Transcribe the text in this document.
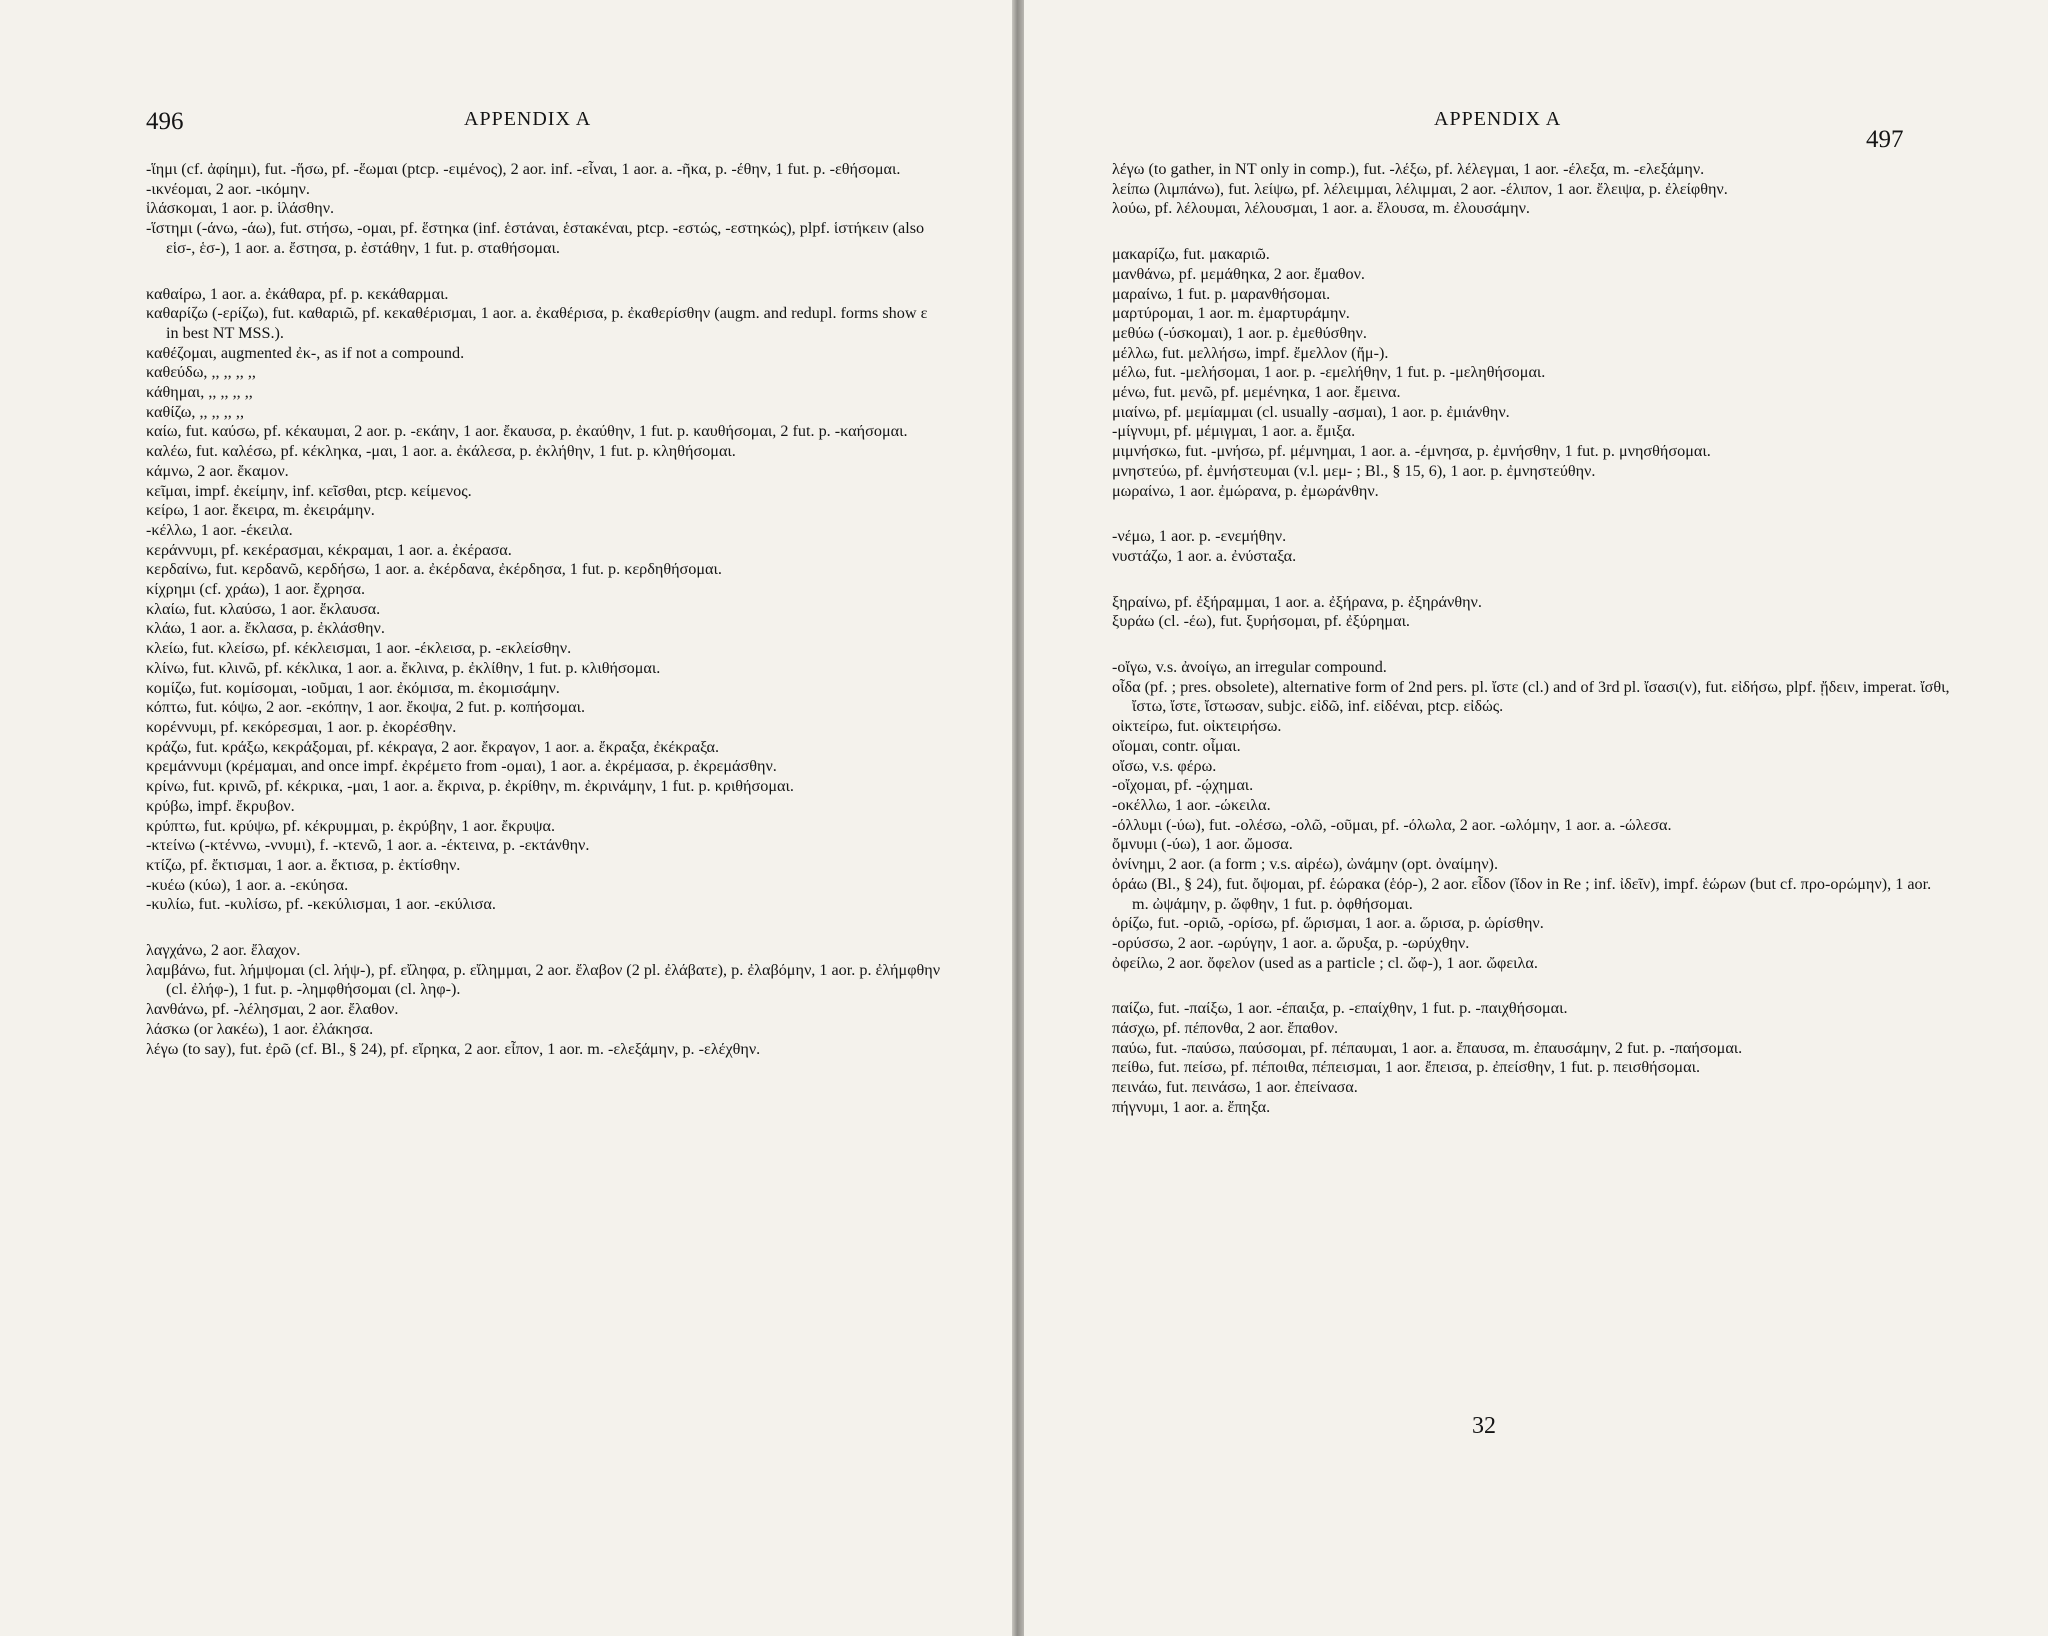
496	APPENDIX A
-ἵημι (cf. ἀφίημι), fut. -ἥσω, pf. -ἕωμαι (ptcp. -ειμένος), 2 aor. inf. -εἶναι, 1 aor. a. -ῆκα, p. -έθην, 1 fut. p. -εθήσομαι.
-ικνέομαι, 2 aor. -ικόμην.
ἱλάσκομαι, 1 aor. p. ἱλάσθην.
-ἵστημι (-άνω, -άω), fut. στήσω, -ομαι, pf. ἕστηκα (inf. ἑστάναι, ἑστακέναι, ptcp. -εστώς, -εστηκώς), plpf. ἱστήκειν (also εἱσ-, ἑσ-), 1 aor. a. ἔστησα, p. ἐστάθην, 1 fut. p. σταθήσομαι.
καθαίρω, 1 aor. a. ἐκάθαρα, pf. p. κεκάθαρμαι.
καθαρίζω (-ερίζω), fut. καθαριῶ, pf. κεκαθέρισμαι, 1 aor. a. ἐκαθέρισα, p. ἐκαθερίσθην (augm. and redupl. forms show ε in best NT MSS.).
καθέζομαι, augmented ἐκ-, as if not a compound.
καθεύδω, ,, ,, ,, ,,
κάθημαι, ,, ,, ,, ,,
καθίζω, ,, ,, ,, ,,
καίω, fut. καύσω, pf. κέκαυμαι, 2 aor. p. -εκάην, 1 aor. ἔκαυσα, p. ἐκαύθην, 1 fut. p. καυθήσομαι, 2 fut. p. -καήσομαι.
καλέω, fut. καλέσω, pf. κέκληκα, -μαι, 1 aor. a. ἐκάλεσα, p. ἐκλήθην, 1 fut. p. κληθήσομαι.
κάμνω, 2 aor. ἔκαμον.
κεῖμαι, impf. ἐκείμην, inf. κεῖσθαι, ptcp. κείμενος.
κείρω, 1 aor. ἔκειρα, m. ἐκειράμην.
-κέλλω, 1 aor. -έκειλα.
κεράννυμι, pf. κεκέρασμαι, κέκραμαι, 1 aor. a. ἐκέρασα.
κερδαίνω, fut. κερδανῶ, κερδήσω, 1 aor. a. ἐκέρδανα, ἐκέρδησα, 1 fut. p. κερδηθήσομαι.
κίχρημι (cf. χράω), 1 aor. ἔχρησα.
κλαίω, fut. κλαύσω, 1 aor. ἔκλαυσα.
κλάω, 1 aor. a. ἔκλασα, p. ἐκλάσθην.
κλείω, fut. κλείσω, pf. κέκλεισμαι, 1 aor. -έκλεισα, p. -εκλείσθην.
κλίνω, fut. κλινῶ, pf. κέκλικα, 1 aor. a. ἔκλινα, p. ἐκλίθην, 1 fut. p. κλιθήσομαι.
κομίζω, fut. κομίσομαι, -ιοῦμαι, 1 aor. ἐκόμισα, m. ἐκομισάμην.
κόπτω, fut. κόψω, 2 aor. -εκόπην, 1 aor. ἔκοψα, 2 fut. p. κοπήσομαι.
κορέννυμι, pf. κεκόρεσμαι, 1 aor. p. ἐκορέσθην.
κράζω, fut. κράξω, κεκράξομαι, pf. κέκραγα, 2 aor. ἔκραγον, 1 aor. a. ἔκραξα, ἐκέκραξα.
κρεμάννυμι (κρέμαμαι, and once impf. ἐκρέμετο from -ομαι), 1 aor. a. ἐκρέμασα, p. ἐκρεμάσθην.
κρίνω, fut. κρινῶ, pf. κέκρικα, -μαι, 1 aor. a. ἔκρινα, p. ἐκρίθην, m. ἐκρινάμην, 1 fut. p. κριθήσομαι.
κρύβω, impf. ἔκρυβον.
κρύπτω, fut. κρύψω, pf. κέκρυμμαι, p. ἐκρύβην, 1 aor. ἔκρυψα.
-κτείνω (-κτέννω, -ννυμι), f. -κτενῶ, 1 aor. a. -έκτεινα, p. -εκτάνθην.
κτίζω, pf. ἔκτισμαι, 1 aor. a. ἔκτισα, p. ἐκτίσθην.
-κυέω (κύω), 1 aor. a. -εκύησα.
-κυλίω, fut. -κυλίσω, pf. -κεκύλισμαι, 1 aor. -εκύλισα.
λαγχάνω, 2 aor. ἔλαχον.
λαμβάνω, fut. λήμψομαι (cl. λήψ-), pf. εἴληφα, p. εἴλημμαι, 2 aor. ἔλαβον (2 pl. ἐλάβατε), p. ἐλαβόμην, 1 aor. p. ἐλήμφθην (cl. ἐλήφ-), 1 fut. p. -λημφθήσομαι (cl. ληφ-).
λανθάνω, pf. -λέλησμαι, 2 aor. ἔλαθον.
λάσκω (or λακέω), 1 aor. ἐλάκησα.
λέγω (to say), fut. ἐρῶ (cf. Bl., § 24), pf. εἴρηκα, 2 aor. εἶπον, 1 aor. m. -ελεξάμην, p. -ελέχθην.
APPENDIX A
497
λέγω (to gather, in NT only in comp.), fut. -λέξω, pf. λέλεγμαι, 1 aor. -έλεξα, m. -ελεξάμην.
λείπω (λιμπάνω), fut. λείψω, pf. λέλειμμαι, λέλιμμαι, 2 aor. -έλιπον, 1 aor. ἔλειψα, p. ἐλείφθην.
λούω, pf. λέλουμαι, λέλουσμαι, 1 aor. a. ἔλουσα, m. ἐλουσάμην.
μακαρίζω, fut. μακαριῶ.
μανθάνω, pf. μεμάθηκα, 2 aor. ἔμαθον.
μαραίνω, 1 fut. p. μαρανθήσομαι.
μαρτύρομαι, 1 aor. m. ἐμαρτυράμην.
μεθύω (-ύσκομαι), 1 aor. p. ἐμεθύσθην.
μέλλω, fut. μελλήσω, impf. ἔμελλον (ἤμ-).
μέλω, fut. -μελήσομαι, 1 aor. p. -εμελήθην, 1 fut. p. -μεληθήσομαι.
μένω, fut. μενῶ, pf. μεμένηκα, 1 aor. ἔμεινα.
μιαίνω, pf. μεμίαμμαι (cl. usually -ασμαι), 1 aor. p. ἐμιάνθην.
-μίγνυμι, pf. μέμιγμαι, 1 aor. a. ἔμιξα.
μιμνήσκω, fut. -μνήσω, pf. μέμνημαι, 1 aor. a. -έμνησα, p. ἐμνήσθην, 1 fut. p. μνησθήσομαι.
μνηστεύω, pf. ἐμνήστευμαι (v.l. μεμ- ; Bl., § 15, 6), 1 aor. p. ἐμνηστεύθην.
μωραίνω, 1 aor. ἐμώρανα, p. ἐμωράνθην.
-νέμω, 1 aor. p. -ενεμήθην.
νυστάζω, 1 aor. a. ἐνύσταξα.
ξηραίνω, pf. ἐξήραμμαι, 1 aor. a. ἐξήρανα, p. ἐξηράνθην.
ξυράω (cl. -έω), fut. ξυρήσομαι, pf. ἐξύρημαι.
-οἴγω, v.s. ἀνοίγω, an irregular compound.
οἶδα (pf. ; pres. obsolete), alternative form of 2nd pers. pl. ἴστε (cl.) and of 3rd pl. ἴσασι(ν), fut. εἰδήσω, plpf. ᾔδειν, imperat. ἴσθι, ἴστω, ἴστε, ἴστωσαν, subjc. εἰδῶ, inf. εἰδέναι, ptcp. εἰδώς.
οἰκτείρω, fut. οἰκτειρήσω.
οἴομαι, contr. οἶμαι.
οἴσω, v.s. φέρω.
-οἴχομαι, pf. -ῴχημαι.
-οκέλλω, 1 aor. -ώκειλα.
-όλλυμι (-ύω), fut. -ολέσω, -ολῶ, -οῦμαι, pf. -όλωλα, 2 aor. -ωλόμην, 1 aor. a. -ώλεσα.
ὄμνυμι (-ύω), 1 aor. ὤμοσα.
ὀνίνημι, 2 aor. (a form ; v.s. αἱρέω), ὠνάμην (opt. ὀναίμην).
ὁράω (Bl., § 24), fut. ὄψομαι, pf. ἑώρακα (ἑόρ-), 2 aor. εἶδον (ἴδον in Re ; inf. ἰδεῖν), impf. ἑώρων (but cf. προ-ορώμην), 1 aor. m. ὠψάμην, p. ὤφθην, 1 fut. p. ὀφθήσομαι.
ὁρίζω, fut. -οριῶ, -ορίσω, pf. ὥρισμαι, 1 aor. a. ὥρισα, p. ὡρίσθην.
-ορύσσω, 2 aor. -ωρύγην, 1 aor. a. ὤρυξα, p. -ωρύχθην.
ὀφείλω, 2 aor. ὄφελον (used as a particle ; cl. ὤφ-), 1 aor. ὤφειλα.
παίζω, fut. -παίξω, 1 aor. -έπαιξα, p. -επαίχθην, 1 fut. p. -παιχθήσομαι.
πάσχω, pf. πέπονθα, 2 aor. ἔπαθον.
παύω, fut. -παύσω, παύσομαι, pf. πέπαυμαι, 1 aor. a. ἔπαυσα, m. ἐπαυσάμην, 2 fut. p. -παήσομαι.
πείθω, fut. πείσω, pf. πέποιθα, πέπεισμαι, 1 aor. ἔπεισα, p. ἐπείσθην, 1 fut. p. πεισθήσομαι.
πεινάω, fut. πεινάσω, 1 aor. ἐπείνασα.
πήγνυμι, 1 aor. a. ἔπηξα.
32
